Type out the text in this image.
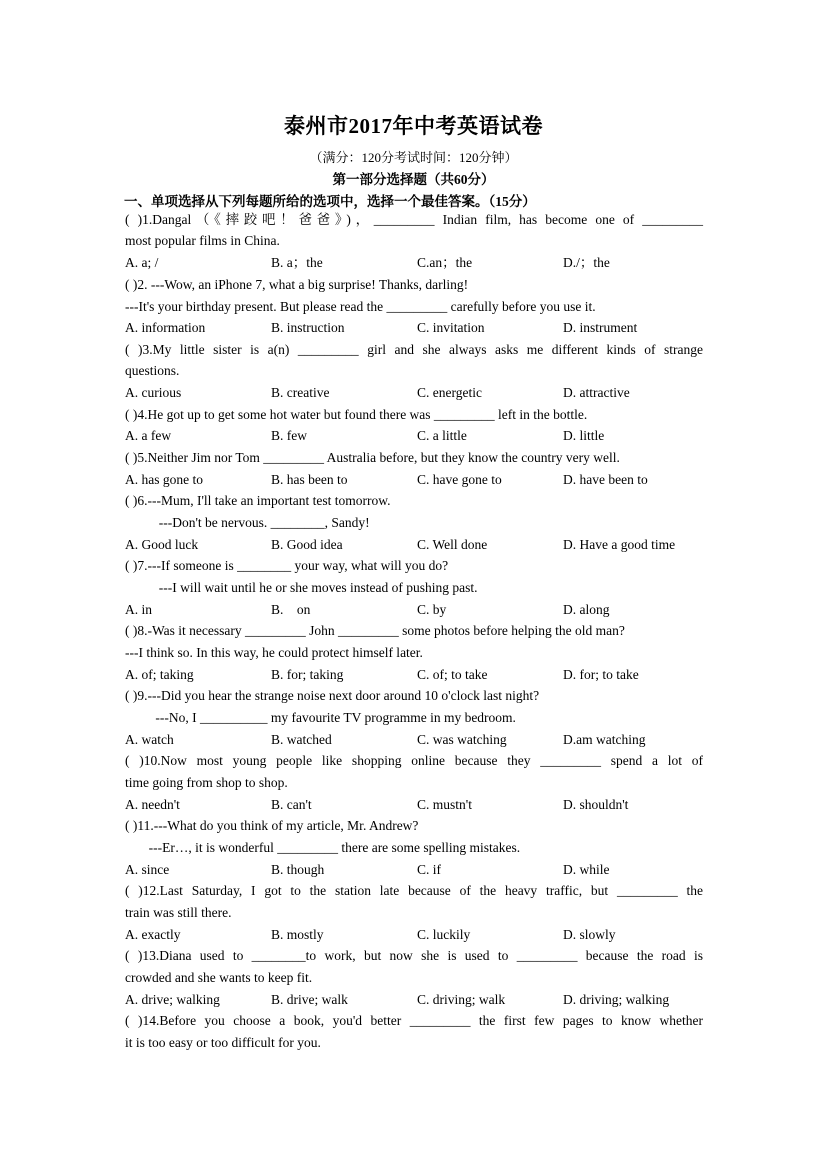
泰州市2017年中考英语试卷
（满分：120分考试时间：120分钟）
第一部分选择题（共60分）
一、单项选择从下列每题所给的选项中，选择一个最佳答案。（15分）
( )1.Dangal（《摔跤吧！爸爸》)，_________ Indian film, has become one of _________
most popular films in China.
A. a; /	B. a；the	C.an；the	D./；the
( )2. ---Wow, an iPhone 7, what a big surprise! Thanks, darling!
---It's your birthday present. But please read the _________ carefully before you use it.
A. information	B. instruction	C. invitation	D. instrument
( )3.My little sister is a(n) _________ girl and she always asks me different kinds of strange
questions.
A. curious	B. creative	C. energetic	D. attractive
( )4.He got up to get some hot water but found there was _________ left in the bottle.
A. a few	B. few	C. a little	D. little
( )5.Neither Jim nor Tom _________ Australia before, but they know the country very well.
A. has gone to	B. has been to	C. have gone to	D. have been to
( )6.---Mum, I'll take an important test tomorrow.
---Don't be nervous. ________, Sandy!
A. Good luck	B. Good idea	C. Well done	D. Have a good time
( )7.---If someone is ________ your way, what will you do?
---I will wait until he or she moves instead of pushing past.
A. in	B.    on	C. by	D. along
( )8.-Was it necessary _________ John _________ some photos before helping the old man?
---I think so. In this way, he could protect himself later.
A. of; taking	B. for; taking	C. of; to take	D. for; to take
( )9.---Did you hear the strange noise next door around 10 o'clock last night?
---No, I __________ my favourite TV programme in my bedroom.
A. watch	B. watched	C. was watching	D.am watching
( )10.Now most young people like shopping online because they _________ spend a lot of
time going from shop to shop.
A. needn't	B. can't	C. mustn't	D. shouldn't
( )11.---What do you think of my article, Mr. Andrew?
---Er…, it is wonderful _________ there are some spelling mistakes.
A. since	B. though	C. if	D. while
( )12.Last Saturday, I got to the station late because of the heavy traffic, but _________ the
train was still there.
A. exactly	B. mostly	C. luckily	D. slowly
( )13.Diana used to ________to work, but now she is used to _________ because the road is
crowded and she wants to keep fit.
A. drive; walking	B. drive; walk	C. driving; walk	D. driving; walking
( )14.Before you choose a book, you'd better _________ the first few pages to know whether
it is too easy or too difficult for you.
